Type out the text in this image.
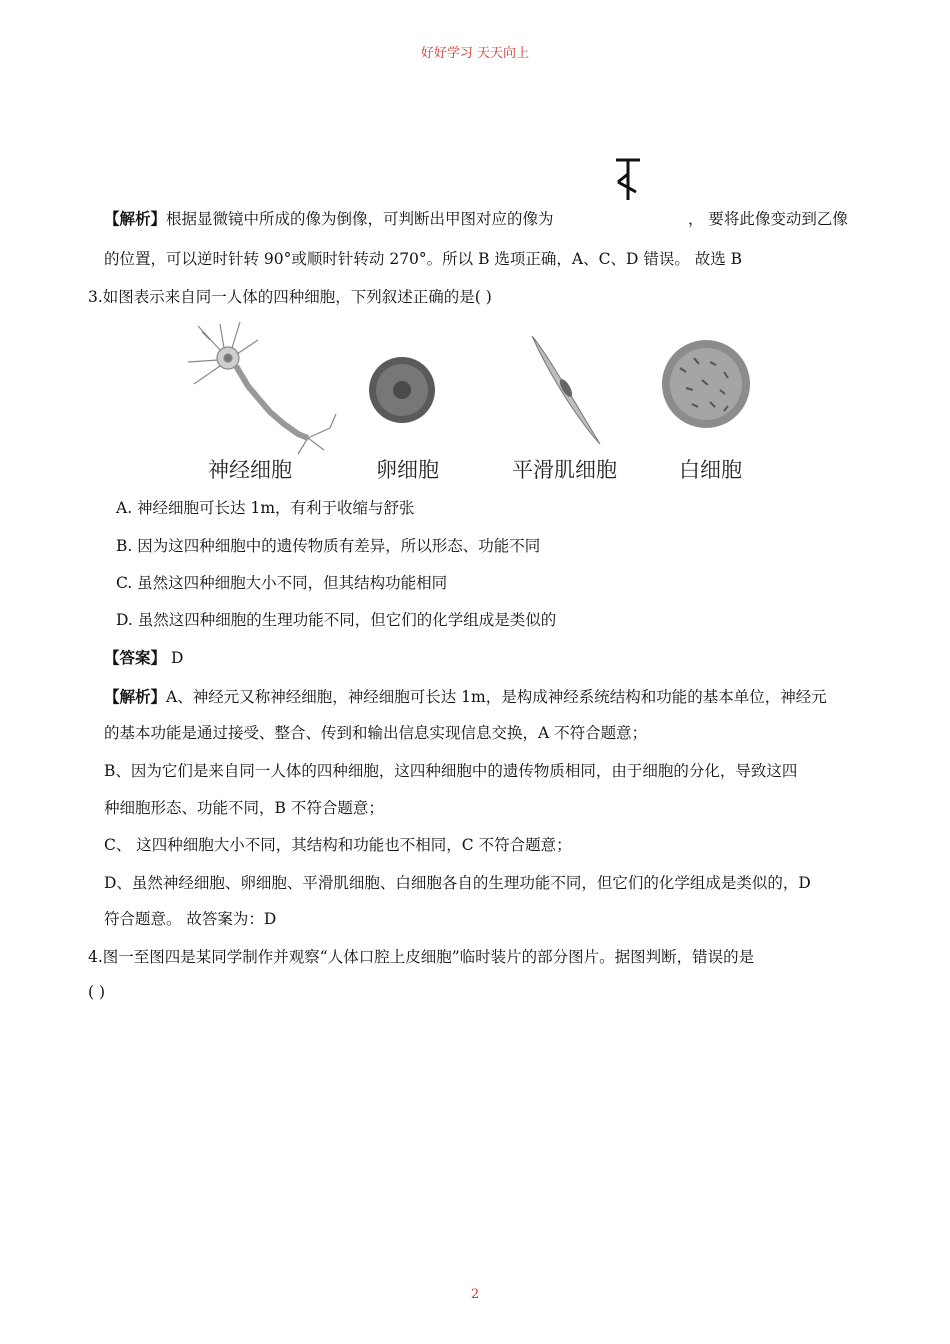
好好学习 天天向上
【解析】根据显微镜中所成的像为倒像，可判断出甲图对应的像为	， 要将此像变动到乙像
的位置，可以逆时针转 90°或顺时针转动 270°。所以 B 选项正确，A、C、D 错误。 故选 B
3.如图表示来自同一人体的四种细胞，下列叙述正确的是( )
神经细胞	卵细胞	平滑肌细胞	白细胞
A. 神经细胞可长达 1m，有利于收缩与舒张
B. 因为这四种细胞中的遗传物质有差异，所以形态、功能不同
C. 虽然这四种细胞大小不同，但其结构功能相同
D. 虽然这四种细胞的生理功能不同，但它们的化学组成是类似的
【答案】 D
【解析】A、神经元又称神经细胞，神经细胞可长达 1m，是构成神经系统结构和功能的基本单位，神经元
的基本功能是通过接受、整合、传到和输出信息实现信息交换，A 不符合题意；
B、因为它们是来自同一人体的四种细胞，这四种细胞中的遗传物质相同，由于细胞的分化，导致这四
种细胞形态、功能不同，B 不符合题意；
C、 这四种细胞大小不同，其结构和功能也不相同，C 不符合题意；
D、虽然神经细胞、卵细胞、平滑肌细胞、白细胞各自的生理功能不同，但它们的化学组成是类似的，D
符合题意。 故答案为：D
4.图一至图四是某同学制作并观察“人体口腔上皮细胞”临时装片的部分图片。据图判断，错误的是
( )
2
